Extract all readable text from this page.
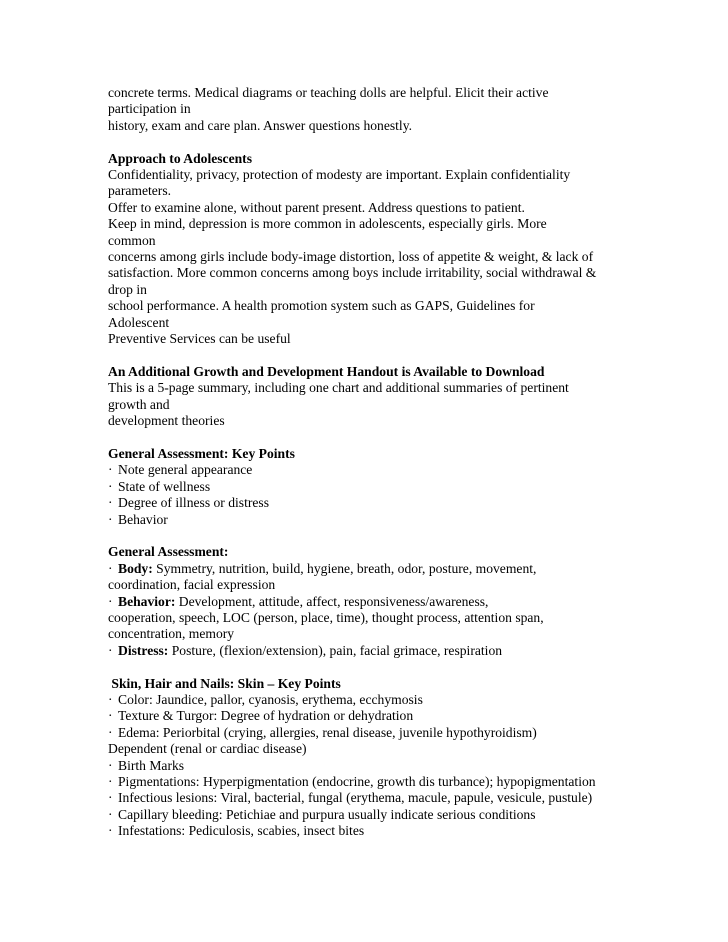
concrete terms. Medical diagrams or teaching dolls are helpful. Elicit their active
participation in
history, exam and care plan. Answer questions honestly.
Approach to Adolescents
Confidentiality, privacy, protection of modesty are important. Explain confidentiality
parameters.
Offer to examine alone, without parent present. Address questions to patient.
Keep in mind, depression is more common in adolescents, especially girls. More
common
concerns among girls include body-image distortion, loss of appetite & weight, & lack of
satisfaction. More common concerns among boys include irritability, social withdrawal &
drop in
school performance. A health promotion system such as GAPS, Guidelines for
Adolescent
Preventive Services can be useful
An Additional Growth and Development Handout is Available to Download
This is a 5-page summary, including one chart and additional summaries of pertinent
growth and
development theories
General Assessment: Key Points
· Note general appearance
· State of wellness
· Degree of illness or distress
· Behavior
General Assessment:
· Body: Symmetry, nutrition, build, hygiene, breath, odor, posture, movement,
coordination, facial expression
· Behavior: Development, attitude, affect, responsiveness/awareness,
cooperation, speech, LOC (person, place, time), thought process, attention span,
concentration, memory
· Distress: Posture, (flexion/extension), pain, facial grimace, respiration
Skin, Hair and Nails: Skin – Key Points
· Color: Jaundice, pallor, cyanosis, erythema, ecchymosis
· Texture & Turgor: Degree of hydration or dehydration
· Edema: Periorbital (crying, allergies, renal disease, juvenile hypothyroidism)
Dependent (renal or cardiac disease)
· Birth Marks
· Pigmentations: Hyperpigmentation (endocrine, growth dis turbance); hypopigmentation
· Infectious lesions: Viral, bacterial, fungal (erythema, macule, papule, vesicule, pustule)
· Capillary bleeding: Petichiae and purpura usually indicate serious conditions
· Infestations: Pediculosis, scabies, insect bites
